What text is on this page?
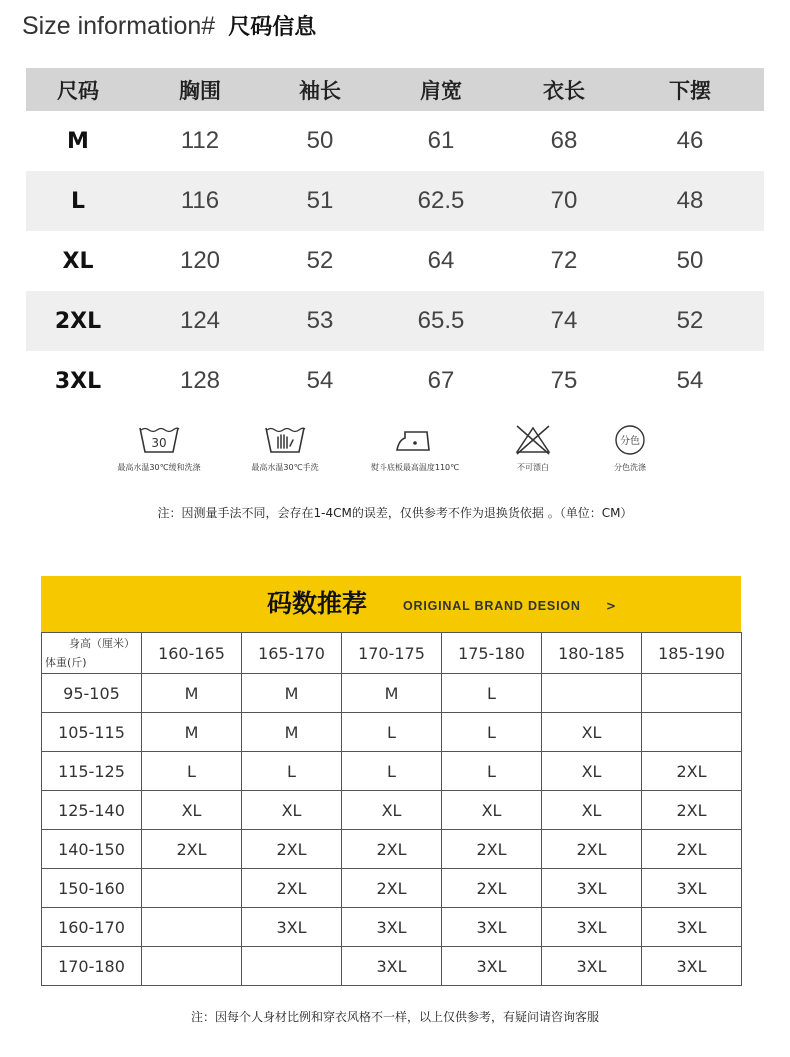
Size information# 尺码信息
尺码	胸围	袖长	肩宽	衣长	下摆
M	112	50	61	68	46
L	116	51	62.5	70	48
XL	120	52	64	72	50
2XL	124	53	65.5	74	52
3XL	128	54	67	75	54
30
最高水温30℃缓和洗涤	最高水温30℃手洗	熨斗底板最高温度110℃	不可漂白
分色
分色洗涤
注：因测量手法不同，会存在1-4CM的误差，仅供参考不作为退换货依据 。（单位：CM）
码数推荐	ORIGINAL BRAND DESION >
身高（厘米）
体重(斤)	160-165	165-170	170-175	175-180	180-185	185-190
95-105	M	M	M	L		
105-115	M	M	L	L	XL	
115-125	L	L	L	L	XL	2XL
125-140	XL	XL	XL	XL	XL	2XL
140-150	2XL	2XL	2XL	2XL	2XL	2XL
150-160		2XL	2XL	2XL	3XL	3XL
160-170		3XL	3XL	3XL	3XL	3XL
170-180			3XL	3XL	3XL	3XL
注：因每个人身材比例和穿衣风格不一样，以上仅供参考，有疑问请咨询客服
